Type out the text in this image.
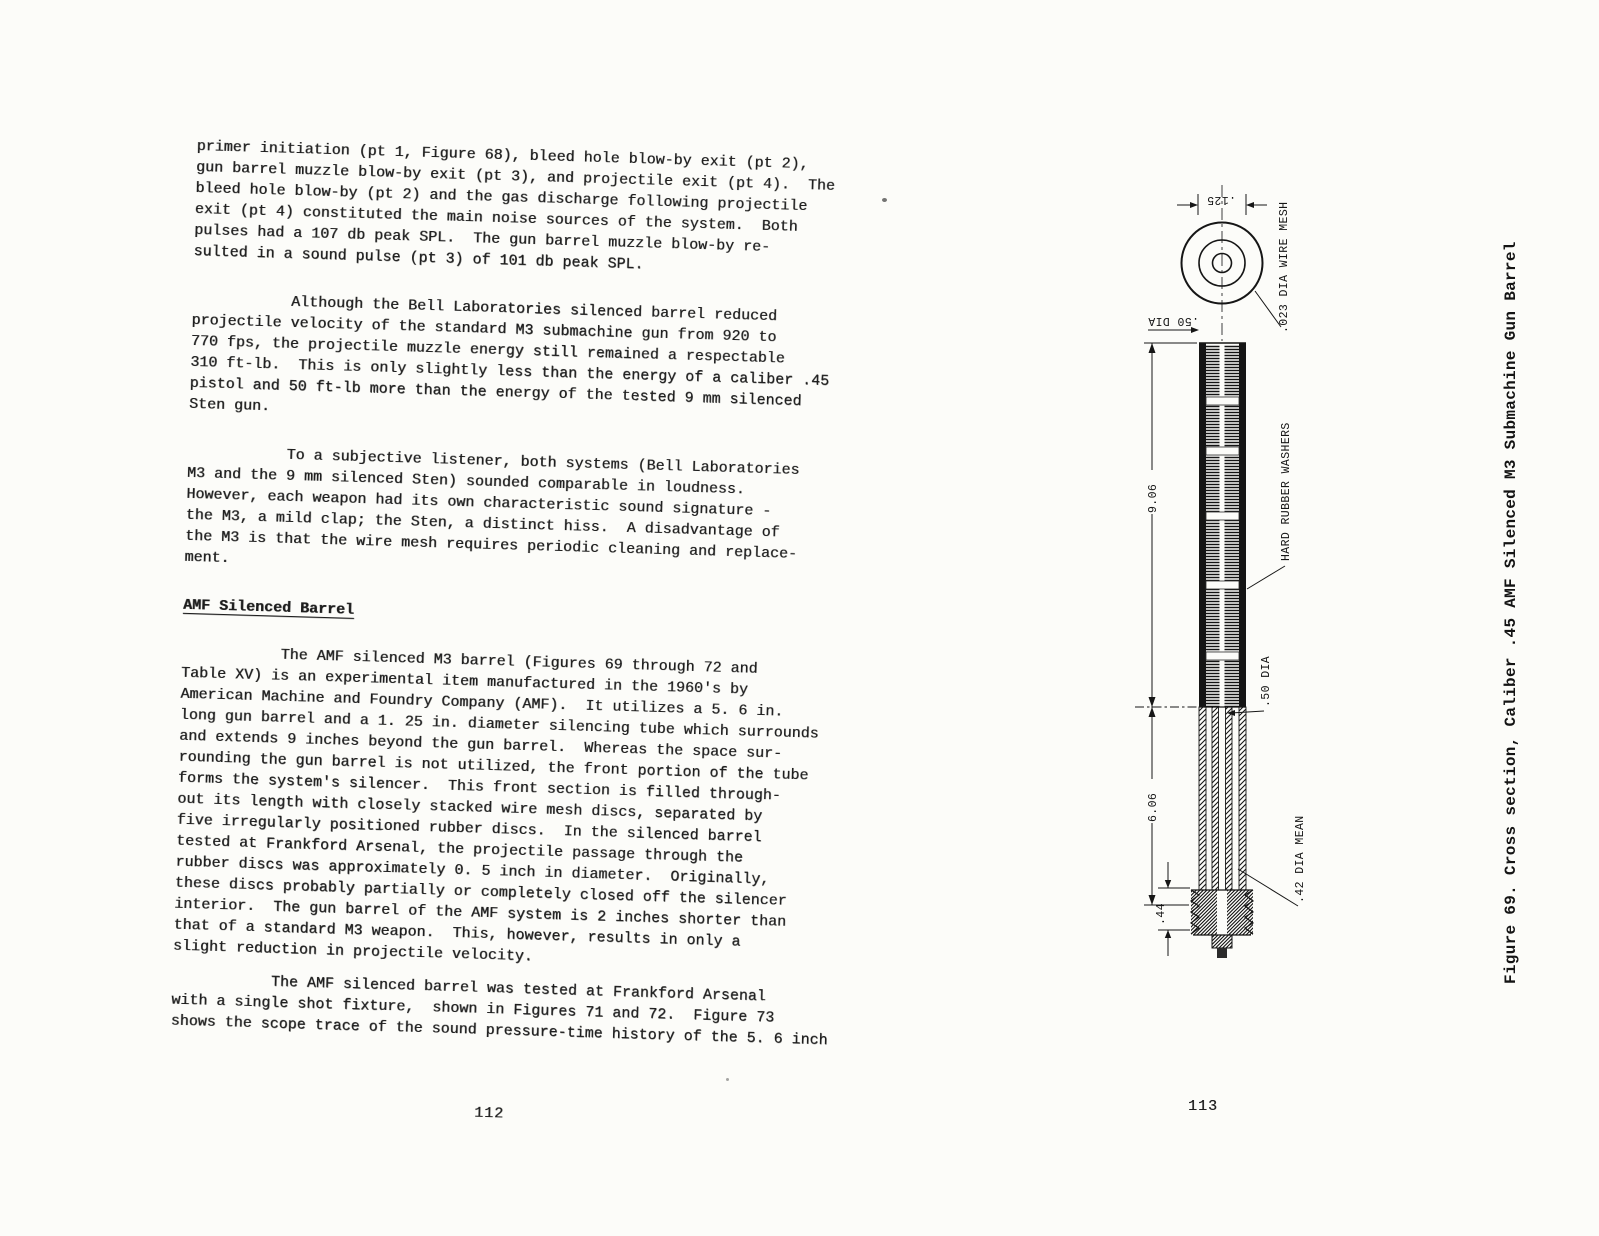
primer initiation (pt 1, Figure 68), bleed hole blow-by exit (pt 2),
gun barrel muzzle blow-by exit (pt 3), and projectile exit (pt 4).  The
bleed hole blow-by (pt 2) and the gas discharge following projectile
exit (pt 4) constituted the main noise sources of the system.  Both
pulses had a 107 db peak SPL.  The gun barrel muzzle blow-by re-
sulted in a sound pulse (pt 3) of 101 db peak SPL.

Although the Bell Laboratories silenced barrel reduced
projectile velocity of the standard M3 submachine gun from 920 to
770 fps, the projectile muzzle energy still remained a respectable
310 ft-lb.  This is only slightly less than the energy of a caliber .45
pistol and 50 ft-lb more than the energy of the tested 9 mm silenced
Sten gun.

To a subjective listener, both systems (Bell Laboratories
M3 and the 9 mm silenced Sten) sounded comparable in loudness.
However, each weapon had its own characteristic sound signature -
the M3, a mild clap; the Sten, a distinct hiss.  A disadvantage of
the M3 is that the wire mesh requires periodic cleaning and replace-
ment.

AMF Silenced Barrel

The AMF silenced M3 barrel (Figures 69 through 72 and
Table XV) is an experimental item manufactured in the 1960's by
American Machine and Foundry Company (AMF).  It utilizes a 5. 6 in.
long gun barrel and a 1. 25 in. diameter silencing tube which surrounds
and extends 9 inches beyond the gun barrel.  Whereas the space sur-
rounding the gun barrel is not utilized, the front portion of the tube
forms the system's silencer.  This front section is filled through-
out its length with closely stacked wire mesh discs, separated by
five irregularly positioned rubber discs.  In the silenced barrel
tested at Frankford Arsenal, the projectile passage through the
rubber discs was approximately 0. 5 inch in diameter.  Originally,
these discs probably partially or completely closed off the silencer
interior.  The gun barrel of the AMF system is 2 inches shorter than
that of a standard M3 weapon.  This, however, results in only a
slight reduction in projectile velocity.

The AMF silenced barrel was tested at Frankford Arsenal
with a single shot fixture,  shown in Figures 71 and 72.  Figure 73
shows the scope trace of the sound pressure-time history of the 5. 6 inch

112
.125
.50 DIA	.023 DIA WIRE MESH
HARD RUBBER WASHERS
9.06
6.06
.44
.50 DIA
.42 DIA MEAN	Figure 69. Cross section, Caliber .45 AMF Silenced M3 Submachine Gun Barrel
113
